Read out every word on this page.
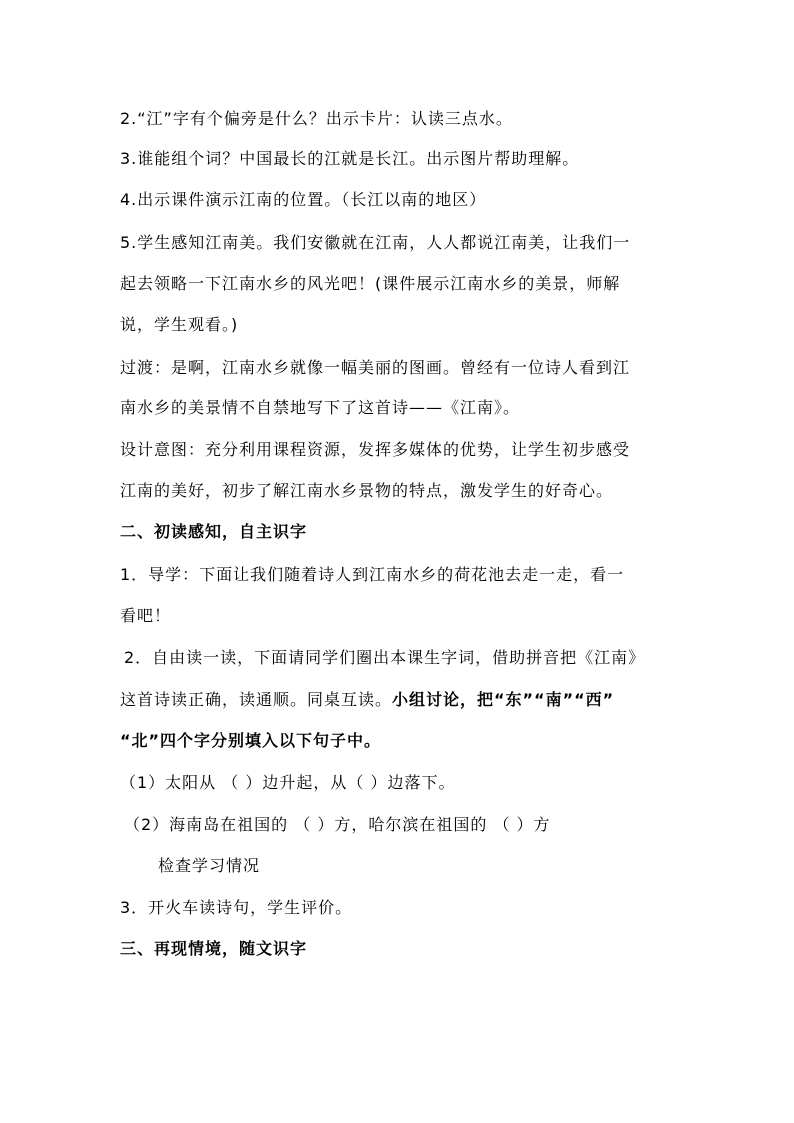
2.“江”字有个偏旁是什么？出示卡片：认读三点水。
3.谁能组个词？中国最长的江就是长江。出示图片帮助理解。
4.出示课件演示江南的位置。（长江以南的地区）
5.学生感知江南美。我们安徽就在江南，人人都说江南美，让我们一
起去领略一下江南水乡的风光吧！(课件展示江南水乡的美景，师解
说，学生观看。)
过渡：是啊，江南水乡就像一幅美丽的图画。曾经有一位诗人看到江
南水乡的美景情不自禁地写下了这首诗——《江南》。
设计意图：充分利用课程资源，发挥多媒体的优势，让学生初步感受
江南的美好，初步了解江南水乡景物的特点，激发学生的好奇心。
二、初读感知，自主识字
1．导学：下面让我们随着诗人到江南水乡的荷花池去走一走，看一
看吧！
2．自由读一读，下面请同学们圈出本课生字词，借助拼音把《江南》
这首诗读正确，读通顺。同桌互读。小组讨论，把“东”“南”“西”
“北”四个字分别填入以下句子中。
（1）太阳从 （ ）边升起，从（ ）边落下。
（2）海南岛在祖国的 （ ）方，哈尔滨在祖国的 （ ）方
检查学习情况
3．开火车读诗句，学生评价。
三、再现情境，随文识字
